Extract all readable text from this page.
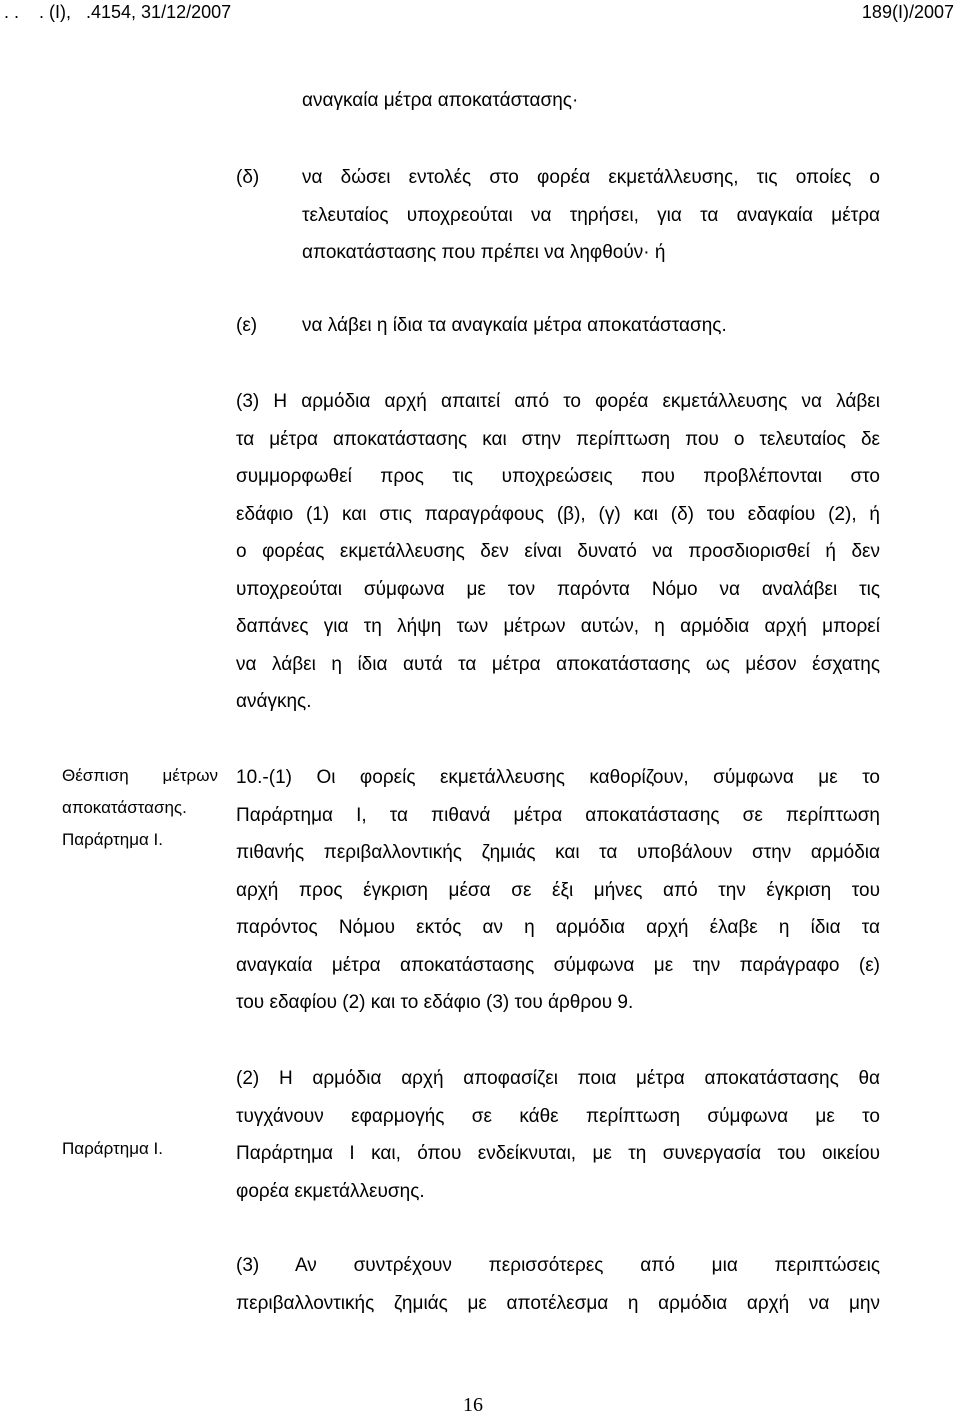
. .    . (Ι),   .4154, 31/12/2007	189(Ι)/2007
αναγκαία μέτρα αποκατάστασης·
(δ) να δώσει εντολές στο φορέα εκμετάλλευσης, τις οποίες ο
τελευταίος υποχρεούται να τηρήσει, για τα αναγκαία μέτρα
αποκατάστασης που πρέπει να ληφθούν· ή
(ε) να λάβει η ίδια τα αναγκαία μέτρα αποκατάστασης.
(3) Η αρμόδια αρχή απαιτεί από το φορέα εκμετάλλευσης να λάβει
τα μέτρα αποκατάστασης και στην περίπτωση που ο τελευταίος δε
συμμορφωθεί προς τις υποχρεώσεις που προβλέπονται στο
εδάφιο (1) και στις παραγράφους (β), (γ) και (δ) του εδαφίου (2), ή
ο φορέας εκμετάλλευσης δεν είναι δυνατό να προσδιορισθεί ή δεν
υποχρεούται σύμφωνα με τον παρόντα Νόμο να αναλάβει τις
δαπάνες για τη λήψη των μέτρων αυτών, η αρμόδια αρχή μπορεί
να λάβει η ίδια αυτά τα μέτρα αποκατάστασης ως μέσον έσχατης
ανάγκης.
Θέσπιση μέτρων
αποκατάστασης.
Παράρτημα Ι.
10.-(1) Οι φορείς εκμετάλλευσης καθορίζουν, σύμφωνα με το
Παράρτημα Ι, τα πιθανά μέτρα αποκατάστασης σε περίπτωση
πιθανής περιβαλλοντικής ζημιάς και τα υποβάλουν στην αρμόδια
αρχή προς έγκριση μέσα σε έξι μήνες από την έγκριση του
παρόντος Νόμου εκτός αν η αρμόδια αρχή έλαβε η ίδια τα
αναγκαία μέτρα αποκατάστασης σύμφωνα με την παράγραφο (ε)
του εδαφίου (2) και το εδάφιο (3) του άρθρου 9.
Παράρτημα Ι.
(2) Η αρμόδια αρχή αποφασίζει ποια μέτρα αποκατάστασης θα
τυγχάνουν εφαρμογής σε κάθε περίπτωση σύμφωνα με το
Παράρτημα Ι και, όπου ενδείκνυται, με τη συνεργασία του οικείου
φορέα εκμετάλλευσης.
(3) Αν συντρέχουν περισσότερες από μια περιπτώσεις
περιβαλλοντικής ζημιάς με αποτέλεσμα η αρμόδια αρχή να μην
16
